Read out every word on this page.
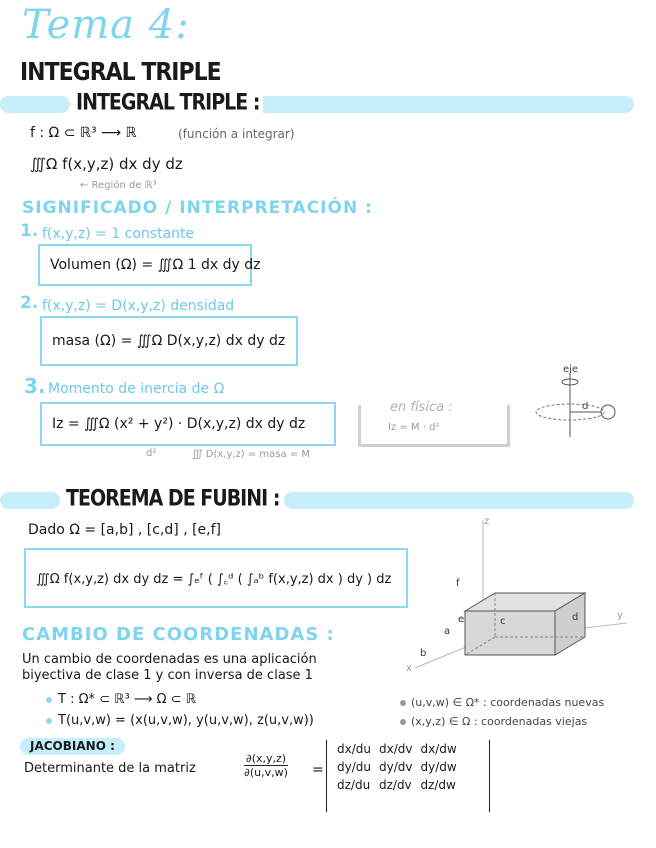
Tema 4:
INTEGRAL TRIPLE
INTEGRAL TRIPLE :
f : Ω ⊂ ℝ³ ⟶ ℝ	(función a integrar)
∭Ω f(x,y,z) dx dy dz
← Región de ℝ³
SIGNIFICADO / INTERPRETACIÓN :
1. f(x,y,z) = 1 constante
Volumen (Ω) = ∭Ω 1 dx dy dz
2. f(x,y,z) = D(x,y,z) densidad
masa (Ω) = ∭Ω D(x,y,z) dx dy dz
3. Momento de inercia de Ω
Iz = ∭Ω (x² + y²) · D(x,y,z) dx dy dz
d²	∭ D(x,y,z) = masa = M
en física :
Iz = M · d²
eje
d
TEOREMA DE FUBINI :
Dado Ω = [a,b] , [c,d] , [e,f]
∭Ω f(x,y,z) dx dy dz = ∫ₑᶠ ( ∫꜀ᵈ ( ∫ₐᵇ f(x,y,z) dx ) dy ) dz
z
y
x
a
b
c	d
e
f
CAMBIO DE COORDENADAS :
Un cambio de coordenadas es una aplicación
biyectiva de clase 1 y con inversa de clase 1
T : Ω* ⊂ ℝ³ ⟶ Ω ⊂ ℝ
T(u,v,w) = (x(u,v,w), y(u,v,w), z(u,v,w))
(u,v,w) ∈ Ω* : coordenadas nuevas
(x,y,z) ∈ Ω : coordenadas viejas
JACOBIANO :
Determinante de la matriz	$\frac{\partial(x,y,z)}{\partial(u,v,w)}$ =
dx/du	dx/dv	dx/dw
dy/du	dy/dv	dy/dw
dz/du	dz/dv	dz/dw
